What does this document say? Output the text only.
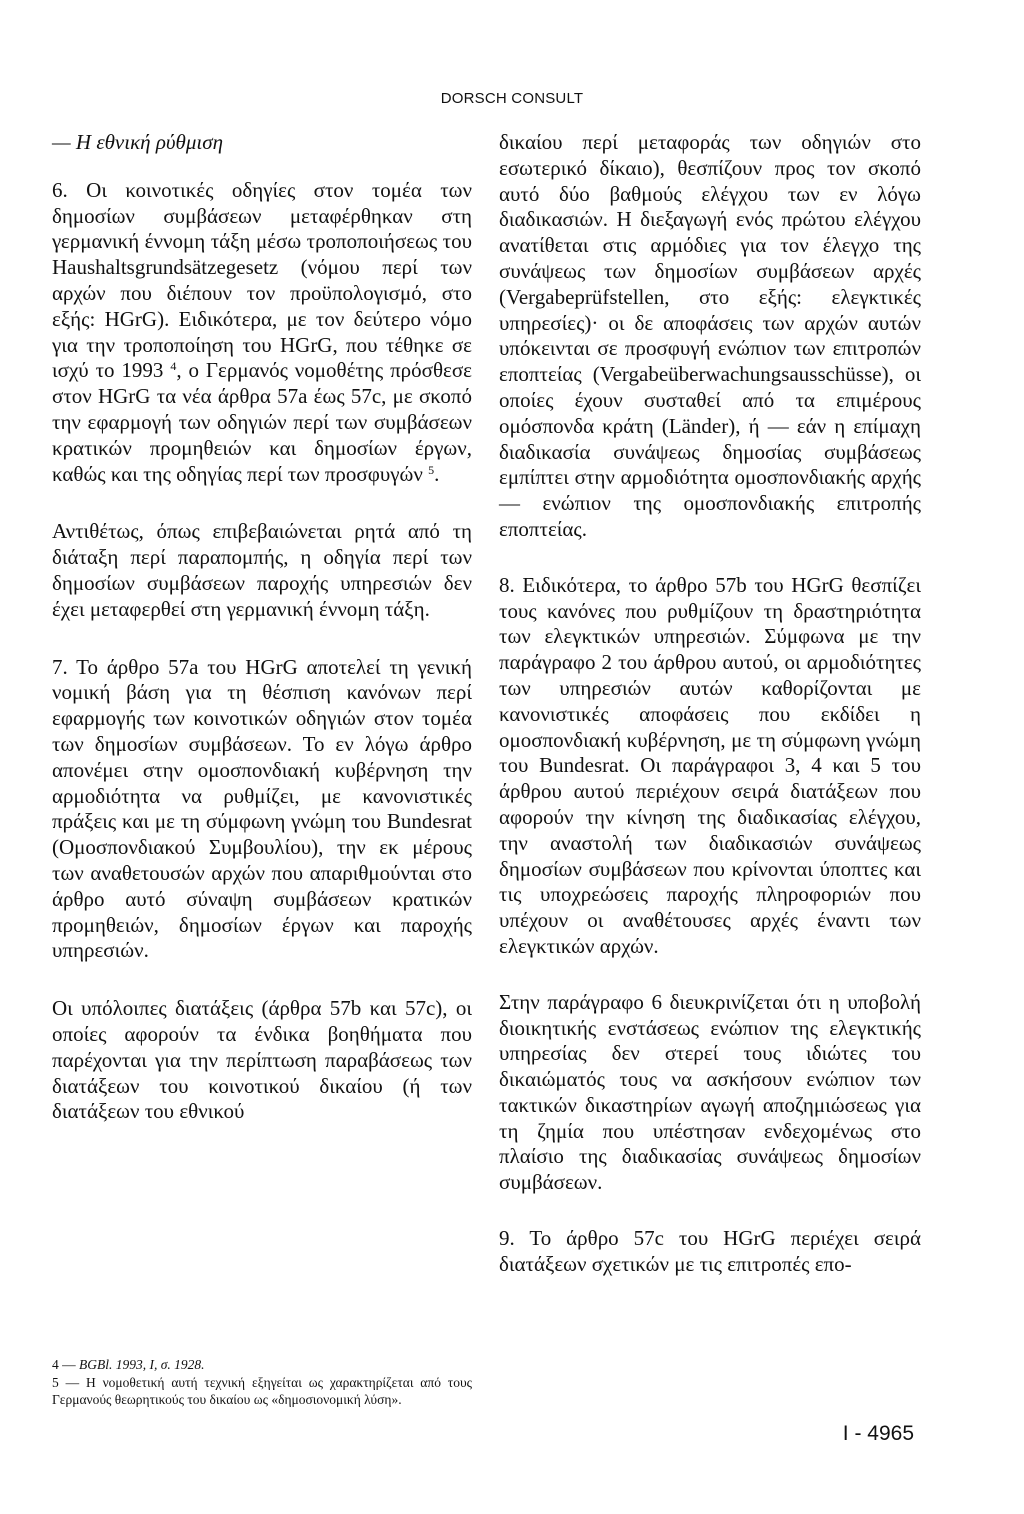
DORSCH CONSULT

— Η εθνική ρύθμιση

6. Οι κοινοτικές οδηγίες στον τομέα των δημοσίων συμβάσεων μεταφέρθηκαν στη γερμανική έννομη τάξη μέσω τροποποιήσεως του Haushaltsgrundsätzegesetz (νόμου περί των αρχών που διέπουν τον προϋπολογισμό, στο εξής: HGrG). Ειδικότερα, με τον δεύτερο νόμο για την τροποποίηση του HGrG, που τέθηκε σε ισχύ το 1993 $^4$, ο Γερμανός νομοθέτης πρόσθεσε στον HGrG τα νέα άρθρα 57a έως 57c, με σκοπό την εφαρμογή των οδηγιών περί των συμβάσεων κρατικών προμηθειών και δημοσίων έργων, καθώς και της οδηγίας περί των προσφυγών $^5$.

Αντιθέτως, όπως επιβεβαιώνεται ρητά από τη διάταξη περί παραπομπής, η οδηγία περί των δημοσίων συμβάσεων παροχής υπηρεσιών δεν έχει μεταφερθεί στη γερμανική έννομη τάξη.

7. Το άρθρο 57a του HGrG αποτελεί τη γενική νομική βάση για τη θέσπιση κανόνων περί εφαρμογής των κοινοτικών οδηγιών στον τομέα των δημοσίων συμβάσεων. Το εν λόγω άρθρο απονέμει στην ομοσπονδιακή κυβέρνηση την αρμοδιότητα να ρυθμίζει, με κανονιστικές πράξεις και με τη σύμφωνη γνώμη του Bundesrat (Ομοσπονδιακού Συμβουλίου), την εκ μέρους των αναθετουσών αρχών που απαριθμούνται στο άρθρο αυτό σύναψη συμβάσεων κρατικών προμηθειών, δημοσίων έργων και παροχής υπηρεσιών.

Οι υπόλοιπες διατάξεις (άρθρα 57b και 57c), οι οποίες αφορούν τα ένδικα βοηθήματα που παρέχονται για την περίπτωση παραβάσεως των διατάξεων του κοινοτικού δικαίου (ή των διατάξεων του εθνικού

δικαίου περί μεταφοράς των οδηγιών στο εσωτερικό δίκαιο), θεσπίζουν προς τον σκοπό αυτό δύο βαθμούς ελέγχου των εν λόγω διαδικασιών. Η διεξαγωγή ενός πρώτου ελέγχου ανατίθεται στις αρμόδιες για τον έλεγχο της συνάψεως των δημοσίων συμβάσεων αρχές (Vergabeprüfstellen, στο εξής: ελεγκτικές υπηρεσίες)· οι δε αποφάσεις των αρχών αυτών υπόκεινται σε προσφυγή ενώπιον των επιτροπών εποπτείας (Vergabeüberwachungsausschüsse), οι οποίες έχουν συσταθεί από τα επιμέρους ομόσπονδα κράτη (Länder), ή — εάν η επίμαχη διαδικασία συνάψεως δημοσίας συμβάσεως εμπίπτει στην αρμοδιότητα ομοσπονδιακής αρχής — ενώπιον της ομοσπονδιακής επιτροπής εποπτείας.

8. Ειδικότερα, το άρθρο 57b του HGrG θεσπίζει τους κανόνες που ρυθμίζουν τη δραστηριότητα των ελεγκτικών υπηρεσιών. Σύμφωνα με την παράγραφο 2 του άρθρου αυτού, οι αρμοδιότητες των υπηρεσιών αυτών καθορίζονται με κανονιστικές αποφάσεις που εκδίδει η ομοσπονδιακή κυβέρνηση, με τη σύμφωνη γνώμη του Bundesrat. Οι παράγραφοι 3, 4 και 5 του άρθρου αυτού περιέχουν σειρά διατάξεων που αφορούν την κίνηση της διαδικασίας ελέγχου, την αναστολή των διαδικασιών συνάψεως δημοσίων συμβάσεων που κρίνονται ύποπτες και τις υποχρεώσεις παροχής πληροφοριών που υπέχουν οι αναθέτουσες αρχές έναντι των ελεγκτικών αρχών.

Στην παράγραφο 6 διευκρινίζεται ότι η υποβολή διοικητικής ενστάσεως ενώπιον της ελεγκτικής υπηρεσίας δεν στερεί τους ιδιώτες του δικαιώματός τους να ασκήσουν ενώπιον των τακτικών δικαστηρίων αγωγή αποζημιώσεως για τη ζημία που υπέστησαν ενδεχομένως στο πλαίσιο της διαδικασίας συνάψεως δημοσίων συμβάσεων.

9. Το άρθρο 57c του HGrG περιέχει σειρά διατάξεων σχετικών με τις επιτροπές επο-

4 — BGBl. 1993, I, σ. 1928.

5 — Η νομοθετική αυτή τεχνική εξηγείται ως χαρακτηρίζεται από τους Γερμανούς θεωρητικούς του δικαίου ως «δημοσιονομική λύση».

I - 4965
